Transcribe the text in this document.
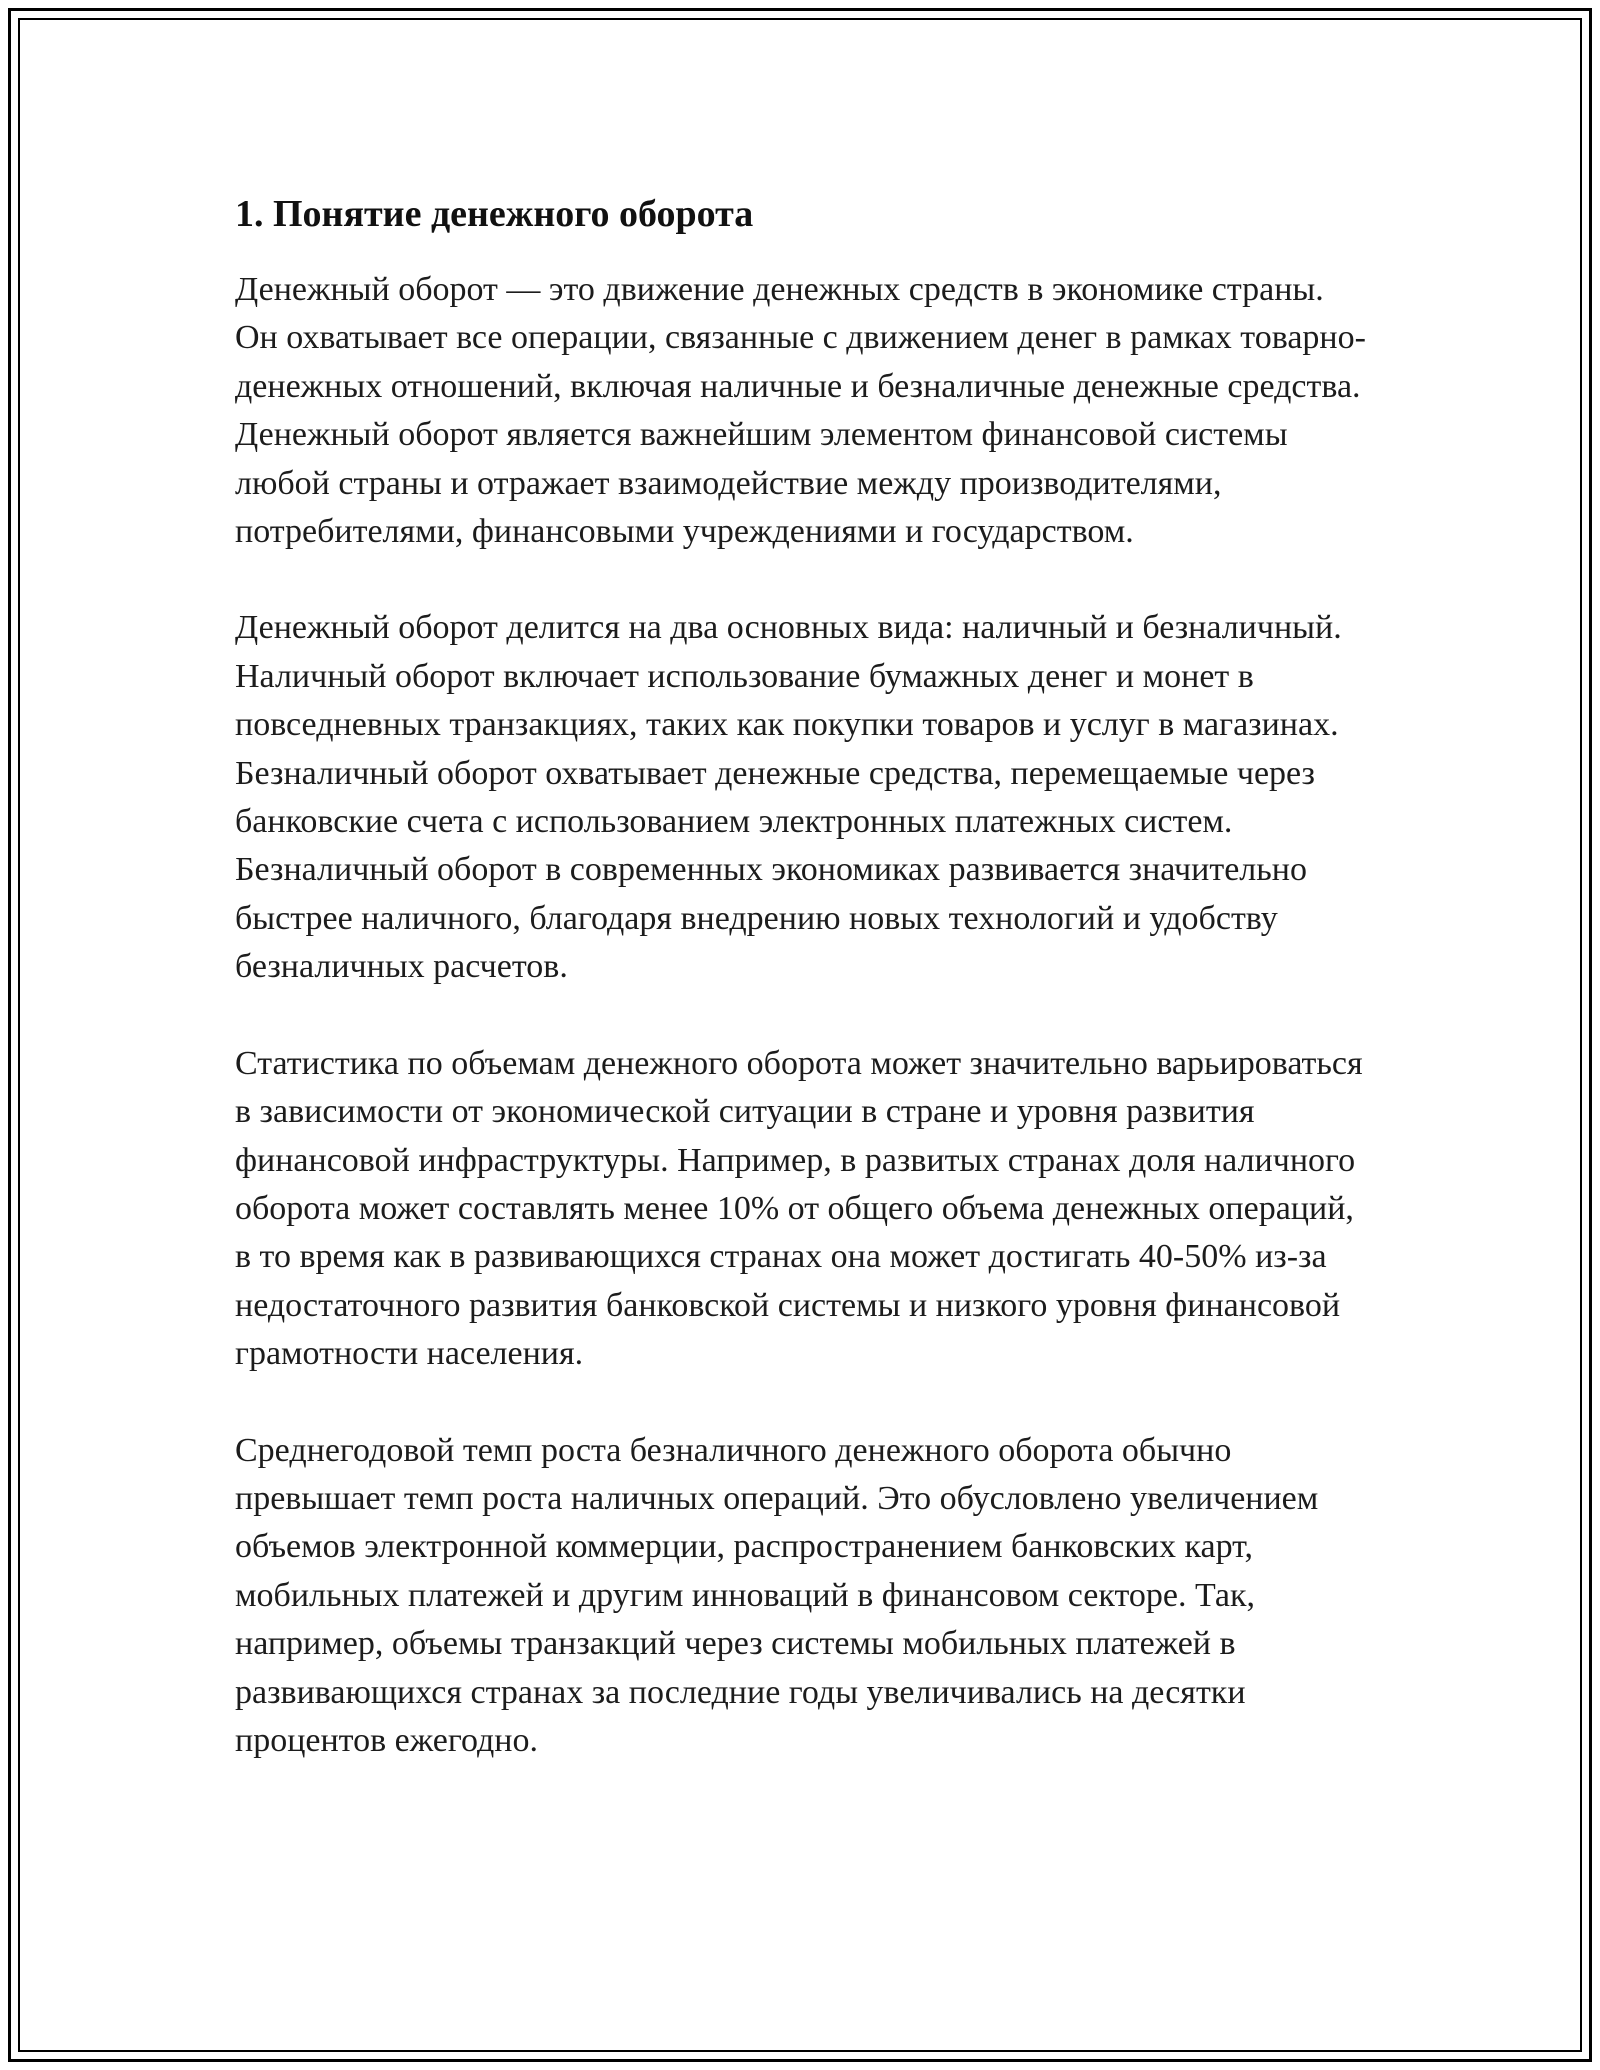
1. Понятие денежного оборота

Денежный оборот — это движение денежных средств в экономике страны. Он охватывает все операции, связанные с движением денег в рамках товарно-денежных отношений, включая наличные и безналичные денежные средства. Денежный оборот является важнейшим элементом финансовой системы любой страны и отражает взаимодействие между производителями, потребителями, финансовыми учреждениями и государством.

Денежный оборот делится на два основных вида: наличный и безналичный. Наличный оборот включает использование бумажных денег и монет в повседневных транзакциях, таких как покупки товаров и услуг в магазинах. Безналичный оборот охватывает денежные средства, перемещаемые через банковские счета с использованием электронных платежных систем. Безналичный оборот в современных экономиках развивается значительно быстрее наличного, благодаря внедрению новых технологий и удобству безналичных расчетов.

Статистика по объемам денежного оборота может значительно варьироваться в зависимости от экономической ситуации в стране и уровня развития финансовой инфраструктуры. Например, в развитых странах доля наличного оборота может составлять менее 10% от общего объема денежных операций, в то время как в развивающихся странах она может достигать 40-50% из-за недостаточного развития банковской системы и низкого уровня финансовой грамотности населения.

Среднегодовой темп роста безналичного денежного оборота обычно превышает темп роста наличных операций. Это обусловлено увеличением объемов электронной коммерции, распространением банковских карт, мобильных платежей и другим инноваций в финансовом секторе. Так, например, объемы транзакций через системы мобильных платежей в развивающихся странах за последние годы увеличивались на десятки процентов ежегодно.
